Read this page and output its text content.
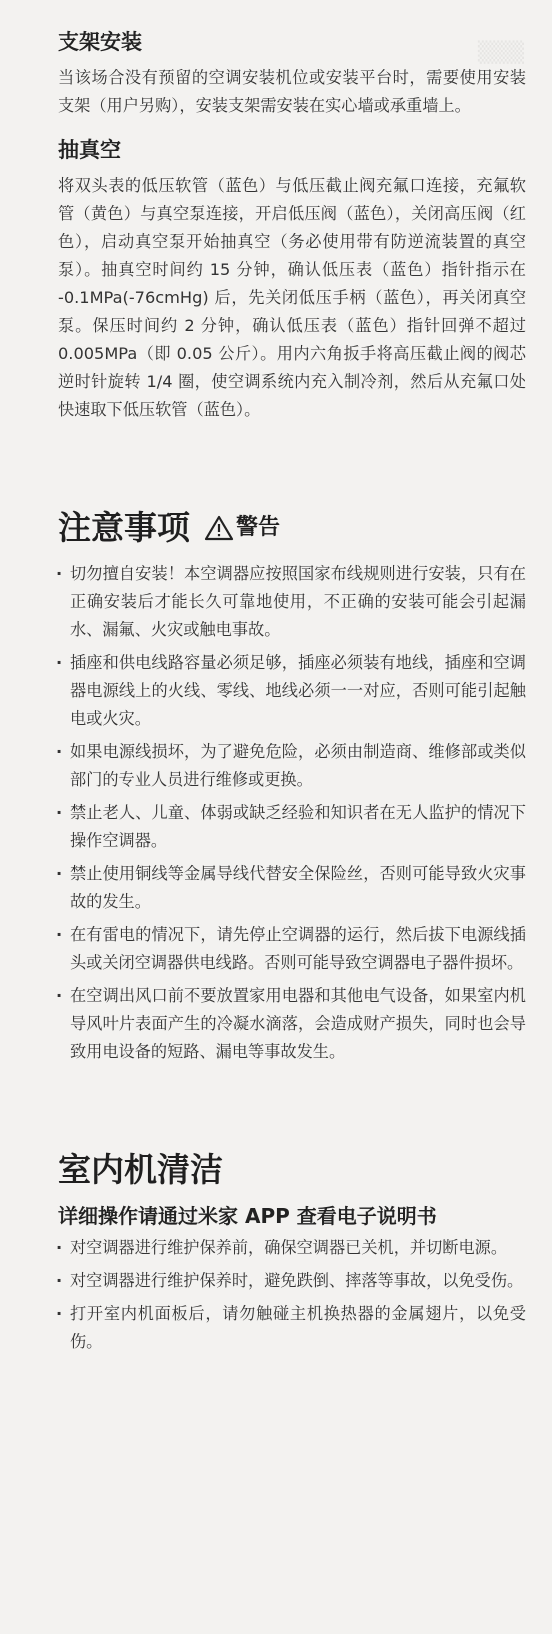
▒▒▒
支架安装

当该场合没有预留的空调安装机位或安装平台时，需要使用安装支架（用户另购），安装支架需安装在实心墙或承重墙上。

抽真空

将双头表的低压软管（蓝色）与低压截止阀充氟口连接，充氟软管（黄色）与真空泵连接，开启低压阀（蓝色），关闭高压阀（红色），启动真空泵开始抽真空（务必使用带有防逆流装置的真空泵）。抽真空时间约 15 分钟，确认低压表（蓝色）指针指示在 -0.1MPa(-76cmHg) 后，先关闭低压手柄（蓝色），再关闭真空泵。保压时间约 2 分钟，确认低压表（蓝色）指针回弹不超过 0.005MPa（即 0.05 公斤）。用内六角扳手将高压截止阀的阀芯逆时针旋转 1/4 圈，使空调系统内充入制冷剂，然后从充氟口处快速取下低压软管（蓝色）。

注意事项 警告
· 切勿擅自安装！本空调器应按照国家布线规则进行安装，只有在正确安装后才能长久可靠地使用，不正确的安装可能会引起漏水、漏氟、火灾或触电事故。
· 插座和供电线路容量必须足够，插座必须装有地线，插座和空调器电源线上的火线、零线、地线必须一一对应，否则可能引起触电或火灾。
· 如果电源线损坏，为了避免危险，必须由制造商、维修部或类似部门的专业人员进行维修或更换。
· 禁止老人、儿童、体弱或缺乏经验和知识者在无人监护的情况下操作空调器。
· 禁止使用铜线等金属导线代替安全保险丝，否则可能导致火灾事故的发生。
· 在有雷电的情况下，请先停止空调器的运行，然后拔下电源线插头或关闭空调器供电线路。否则可能导致空调器电子器件损坏。
· 在空调出风口前不要放置家用电器和其他电气设备，如果室内机导风叶片表面产生的冷凝水滴落，会造成财产损失，同时也会导致用电设备的短路、漏电等事故发生。
室内机清洁
详细操作请通过米家 APP 查看电子说明书
· 对空调器进行维护保养前，确保空调器已关机，并切断电源。
· 对空调器进行维护保养时，避免跌倒、摔落等事故，以免受伤。
· 打开室内机面板后，请勿触碰主机换热器的金属翅片，以免受伤。
